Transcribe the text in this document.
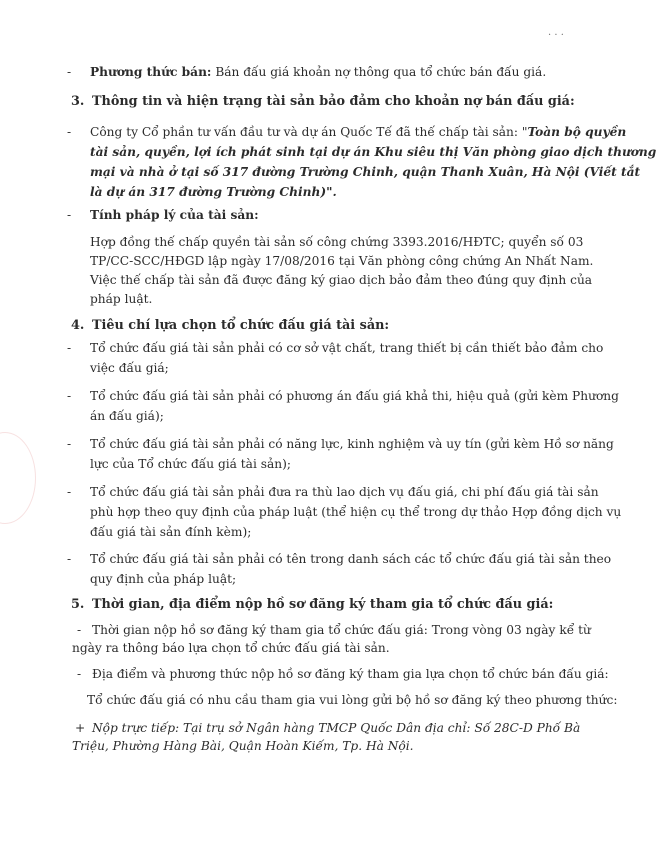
· · ·
- Phương thức bán: Bán đấu giá khoản nợ thông qua tổ chức bán đấu giá.
3. Thông tin và hiện trạng tài sản bảo đảm cho khoản nợ bán đấu giá:
- Công ty Cổ phần tư vấn đầu tư và dự án Quốc Tế đã thế chấp tài sản: "Toàn bộ quyền
tài sản, quyền, lợi ích phát sinh tại dự án Khu siêu thị Văn phòng giao dịch thương
mại và nhà ở tại số 317 đường Trường Chinh, quận Thanh Xuân, Hà Nội (Viết tắt
là dự án 317 đường Trường Chinh)".
- Tính pháp lý của tài sản:
Hợp đồng thế chấp quyền tài sản số công chứng 3393.2016/HĐTC; quyển số 03
TP/CC-SCC/HĐGD lập ngày 17/08/2016 tại Văn phòng công chứng An Nhất Nam.
Việc thế chấp tài sản đã được đăng ký giao dịch bảo đảm theo đúng quy định của
pháp luật.
4. Tiêu chí lựa chọn tổ chức đấu giá tài sản:
- Tổ chức đấu giá tài sản phải có cơ sở vật chất, trang thiết bị cần thiết bảo đảm cho
việc đấu giá;
- Tổ chức đấu giá tài sản phải có phương án đấu giá khả thi, hiệu quả (gửi kèm Phương
án đấu giá);
- Tổ chức đấu giá tài sản phải có năng lực, kinh nghiệm và uy tín (gửi kèm Hồ sơ năng
lực của Tổ chức đấu giá tài sản);
- Tổ chức đấu giá tài sản phải đưa ra thù lao dịch vụ đấu giá, chi phí đấu giá tài sản
phù hợp theo quy định của pháp luật (thể hiện cụ thể trong dự thảo Hợp đồng dịch vụ
đấu giá tài sản đính kèm);
- Tổ chức đấu giá tài sản phải có tên trong danh sách các tổ chức đấu giá tài sản theo
quy định của pháp luật;
5. Thời gian, địa điểm nộp hồ sơ đăng ký tham gia tổ chức đấu giá:
- Thời gian nộp hồ sơ đăng ký tham gia tổ chức đấu giá: Trong vòng 03 ngày kể từ
ngày ra thông báo lựa chọn tổ chức đấu giá tài sản.
- Địa điểm và phương thức nộp hồ sơ đăng ký tham gia lựa chọn tổ chức bán đấu giá:
Tổ chức đấu giá có nhu cầu tham gia vui lòng gửi bộ hồ sơ đăng ký theo phương thức:
+ Nộp trực tiếp: Tại trụ sở Ngân hàng TMCP Quốc Dân địa chỉ: Số 28C-D Phố Bà
Triệu, Phường Hàng Bài, Quận Hoàn Kiếm, Tp. Hà Nội.
